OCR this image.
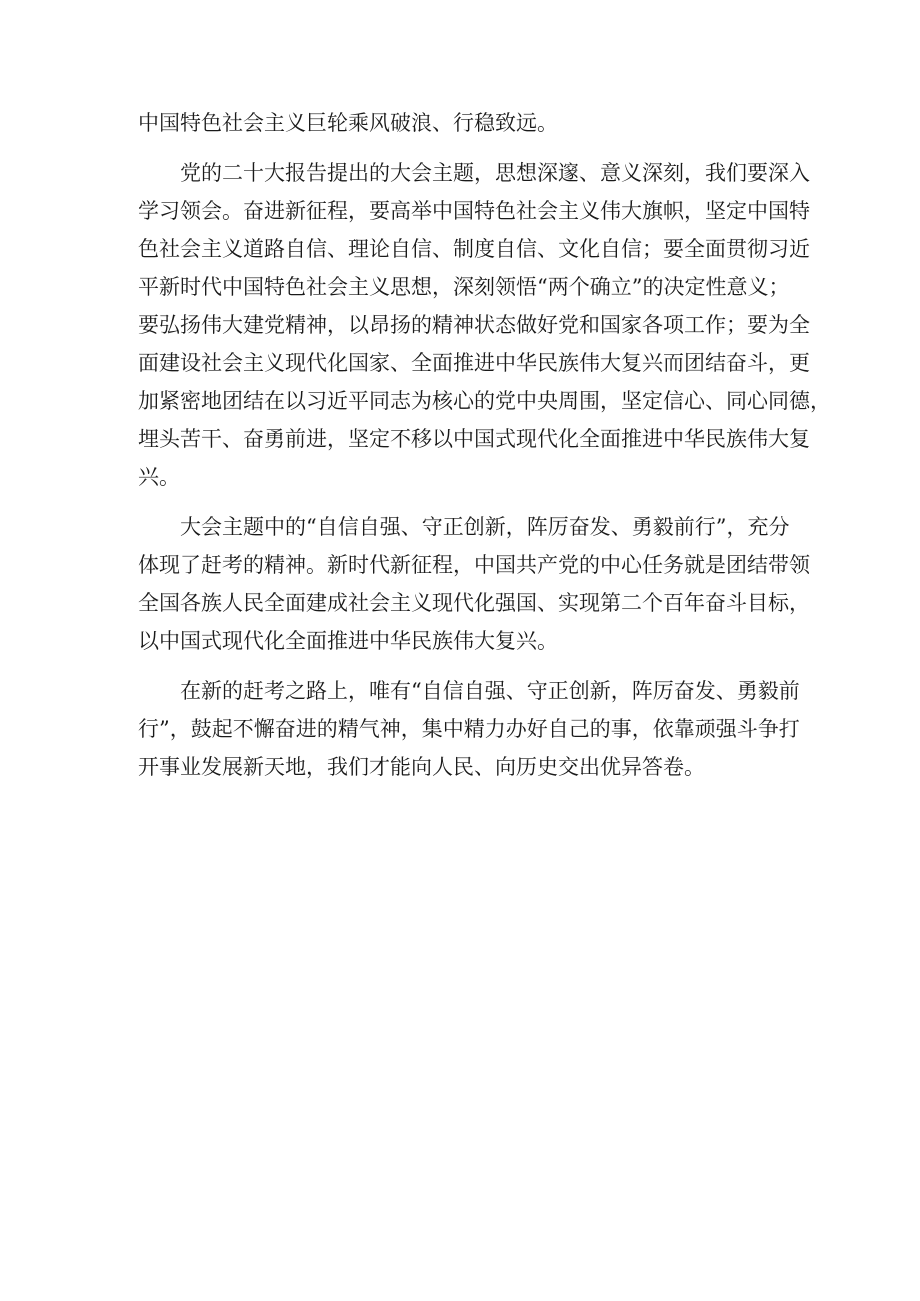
中国特色社会主义巨轮乘风破浪、行稳致远。
党的二十大报告提出的大会主题，思想深邃、意义深刻，我们要深入
学习领会。奋进新征程，要高举中国特色社会主义伟大旗帜，坚定中国特
色社会主义道路自信、理论自信、制度自信、文化自信；要全面贯彻习近
平新时代中国特色社会主义思想，深刻领悟“两个确立”的决定性意义；
要弘扬伟大建党精神，以昂扬的精神状态做好党和国家各项工作；要为全
面建设社会主义现代化国家、全面推进中华民族伟大复兴而团结奋斗，更
加紧密地团结在以习近平同志为核心的党中央周围，坚定信心、同心同德，
埋头苦干、奋勇前进，坚定不移以中国式现代化全面推进中华民族伟大复
兴。
大会主题中的“自信自强、守正创新，阵厉奋发、勇毅前行”，充分
体现了赶考的精神。新时代新征程，中国共产党的中心任务就是团结带领
全国各族人民全面建成社会主义现代化强国、实现第二个百年奋斗目标，
以中国式现代化全面推进中华民族伟大复兴。
在新的赶考之路上，唯有“自信自强、守正创新，阵厉奋发、勇毅前
行”，鼓起不懈奋进的精气神，集中精力办好自己的事，依靠顽强斗争打
开事业发展新天地，我们才能向人民、向历史交出优异答卷。
